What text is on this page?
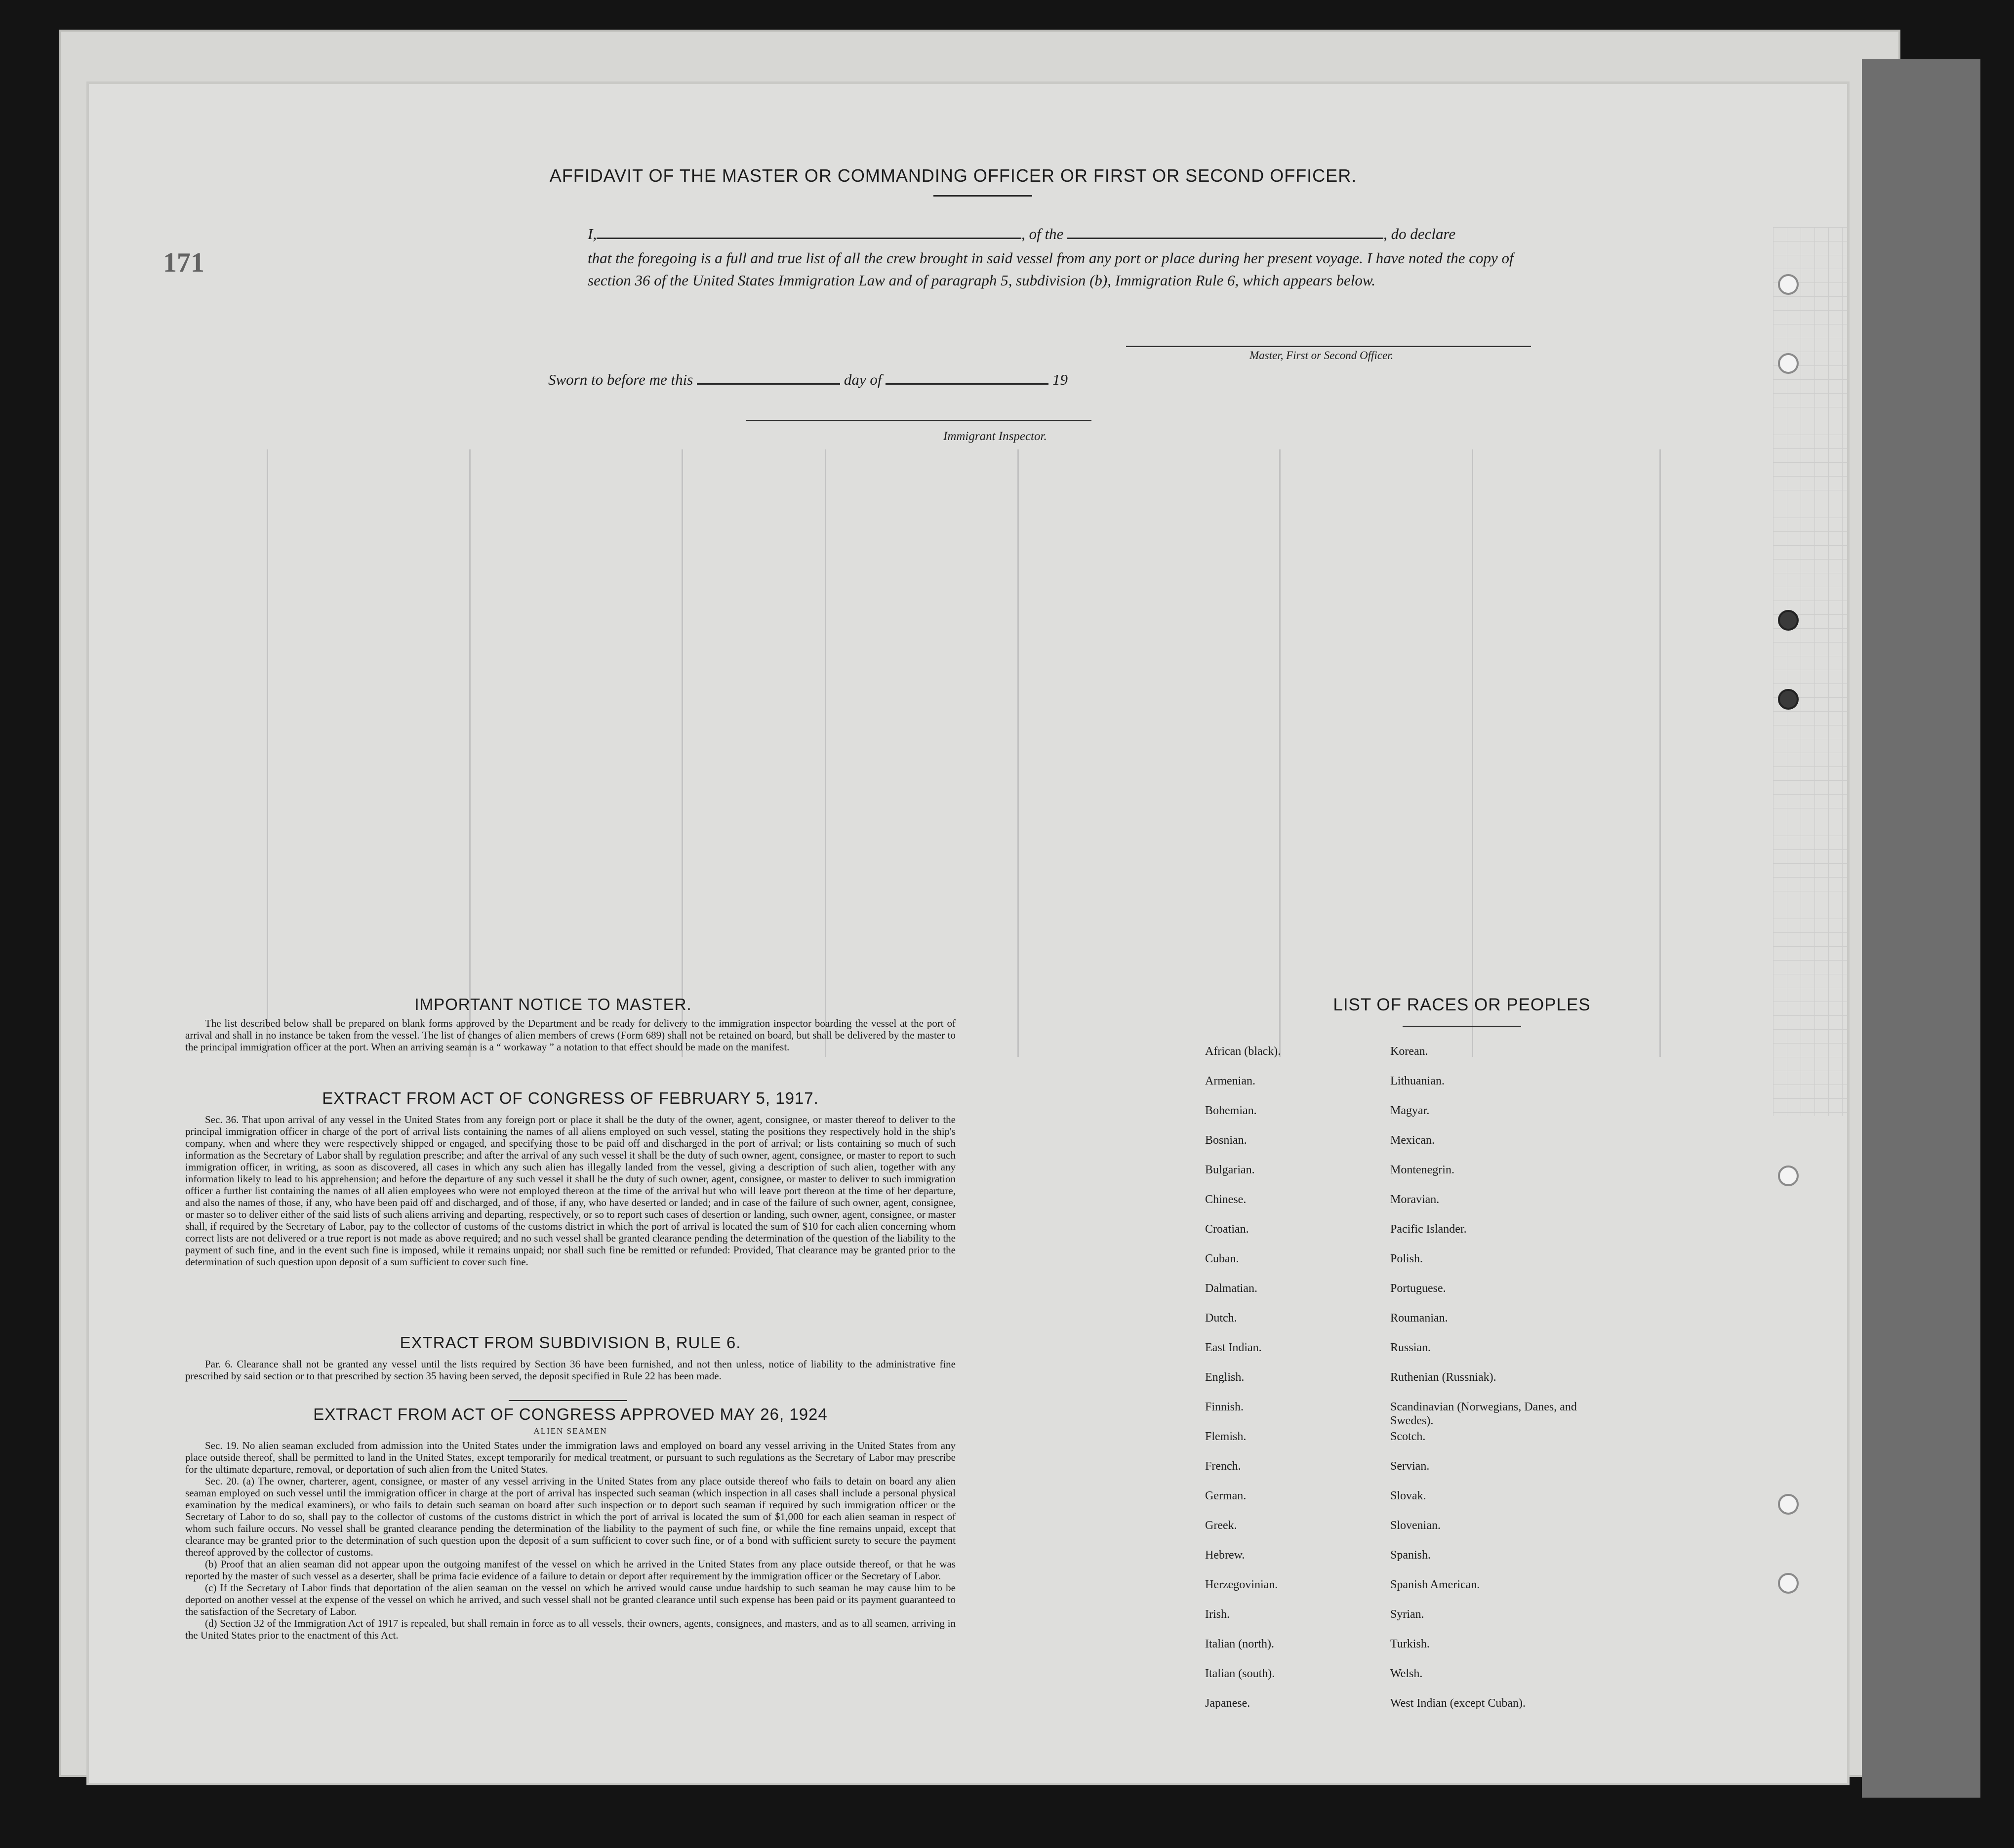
171
AFFIDAVIT OF THE MASTER OR COMMANDING OFFICER OR FIRST OR SECOND OFFICER.
I,	, of the	, do declare
that the foregoing is a full and true list of all the crew brought in said vessel from any port or place during her present voyage. I have noted the copy of section 36 of the United States Immigration Law and of paragraph 5, subdivision (b), Immigration Rule 6, which appears below.
Master, First or Second Officer.
Sworn to before me this	day of	19
Immigrant Inspector.
IMPORTANT NOTICE TO MASTER.

The list described below shall be prepared on blank forms approved by the Department and be ready for delivery to the immigration inspector boarding the vessel at the port of arrival and shall in no instance be taken from the vessel. The list of changes of alien members of crews (Form 689) shall not be retained on board, but shall be delivered by the master to the principal immigration officer at the port. When an arriving seaman is a “ workaway ” a notation to that effect should be made on the manifest.

EXTRACT FROM ACT OF CONGRESS OF FEBRUARY 5, 1917.

Sec. 36. That upon arrival of any vessel in the United States from any foreign port or place it shall be the duty of the owner, agent, consignee, or master thereof to deliver to the principal immigration officer in charge of the port of arrival lists containing the names of all aliens employed on such vessel, stating the positions they respectively hold in the ship's company, when and where they were respectively shipped or engaged, and specifying those to be paid off and discharged in the port of arrival; or lists containing so much of such information as the Secretary of Labor shall by regulation prescribe; and after the arrival of any such vessel it shall be the duty of such owner, agent, consignee, or master to report to such immigration officer, in writing, as soon as discovered, all cases in which any such alien has illegally landed from the vessel, giving a description of such alien, together with any information likely to lead to his apprehension; and before the departure of any such vessel it shall be the duty of such owner, agent, consignee, or master to deliver to such immigration officer a further list containing the names of all alien employees who were not employed thereon at the time of the arrival but who will leave port thereon at the time of her departure, and also the names of those, if any, who have been paid off and discharged, and of those, if any, who have deserted or landed; and in case of the failure of such owner, agent, consignee, or master so to deliver either of the said lists of such aliens arriving and departing, respectively, or so to report such cases of desertion or landing, such owner, agent, consignee, or master shall, if required by the Secretary of Labor, pay to the collector of customs of the customs district in which the port of arrival is located the sum of $10 for each alien concerning whom correct lists are not delivered or a true report is not made as above required; and no such vessel shall be granted clearance pending the determination of the question of the liability to the payment of such fine, and in the event such fine is imposed, while it remains unpaid; nor shall such fine be remitted or refunded: Provided, That clearance may be granted prior to the determination of such question upon deposit of a sum sufficient to cover such fine.

EXTRACT FROM SUBDIVISION B, RULE 6.

Par. 6. Clearance shall not be granted any vessel until the lists required by Section 36 have been furnished, and not then unless, notice of liability to the administrative fine prescribed by said section or to that prescribed by section 35 having been served, the deposit specified in Rule 22 has been made.

EXTRACT FROM ACT OF CONGRESS APPROVED MAY 26, 1924
ALIEN SEAMEN

Sec. 19. No alien seaman excluded from admission into the United States under the immigration laws and employed on board any vessel arriving in the United States from any place outside thereof, shall be permitted to land in the United States, except temporarily for medical treatment, or pursuant to such regulations as the Secretary of Labor may prescribe for the ultimate departure, removal, or deportation of such alien from the United States.

Sec. 20. (a) The owner, charterer, agent, consignee, or master of any vessel arriving in the United States from any place outside thereof who fails to detain on board any alien seaman employed on such vessel until the immigration officer in charge at the port of arrival has inspected such seaman (which inspection in all cases shall include a personal physical examination by the medical examiners), or who fails to detain such seaman on board after such inspection or to deport such seaman if required by such immigration officer or the Secretary of Labor to do so, shall pay to the collector of customs of the customs district in which the port of arrival is located the sum of $1,000 for each alien seaman in respect of whom such failure occurs. No vessel shall be granted clearance pending the determination of the liability to the payment of such fine, or while the fine remains unpaid, except that clearance may be granted prior to the determination of such question upon the deposit of a sum sufficient to cover such fine, or of a bond with sufficient surety to secure the payment thereof approved by the collector of customs.

(b) Proof that an alien seaman did not appear upon the outgoing manifest of the vessel on which he arrived in the United States from any place outside thereof, or that he was reported by the master of such vessel as a deserter, shall be prima facie evidence of a failure to detain or deport after requirement by the immigration officer or the Secretary of Labor.

(c) If the Secretary of Labor finds that deportation of the alien seaman on the vessel on which he arrived would cause undue hardship to such seaman he may cause him to be deported on another vessel at the expense of the vessel on which he arrived, and such vessel shall not be granted clearance until such expense has been paid or its payment guaranteed to the satisfaction of the Secretary of Labor.

(d) Section 32 of the Immigration Act of 1917 is repealed, but shall remain in force as to all vessels, their owners, agents, consignees, and masters, and as to all seamen, arriving in the United States prior to the enactment of this Act.

LIST OF RACES OR PEOPLES
African (black).
Armenian.
Bohemian.
Bosnian.
Bulgarian.
Chinese.
Croatian.
Cuban.
Dalmatian.
Dutch.
East Indian.
English.
Finnish.
Flemish.
French.
German.
Greek.
Hebrew.
Herzegovinian.
Irish.
Italian (north).
Italian (south).
Japanese.
Korean.
Lithuanian.
Magyar.
Mexican.
Montenegrin.
Moravian.
Pacific Islander.
Polish.
Portuguese.
Roumanian.
Russian.
Ruthenian (Russniak).
Scandinavian (Norwegians, Danes, and Swedes).
Scotch.
Servian.
Slovak.
Slovenian.
Spanish.
Spanish American.
Syrian.
Turkish.
Welsh.
West Indian (except Cuban).
